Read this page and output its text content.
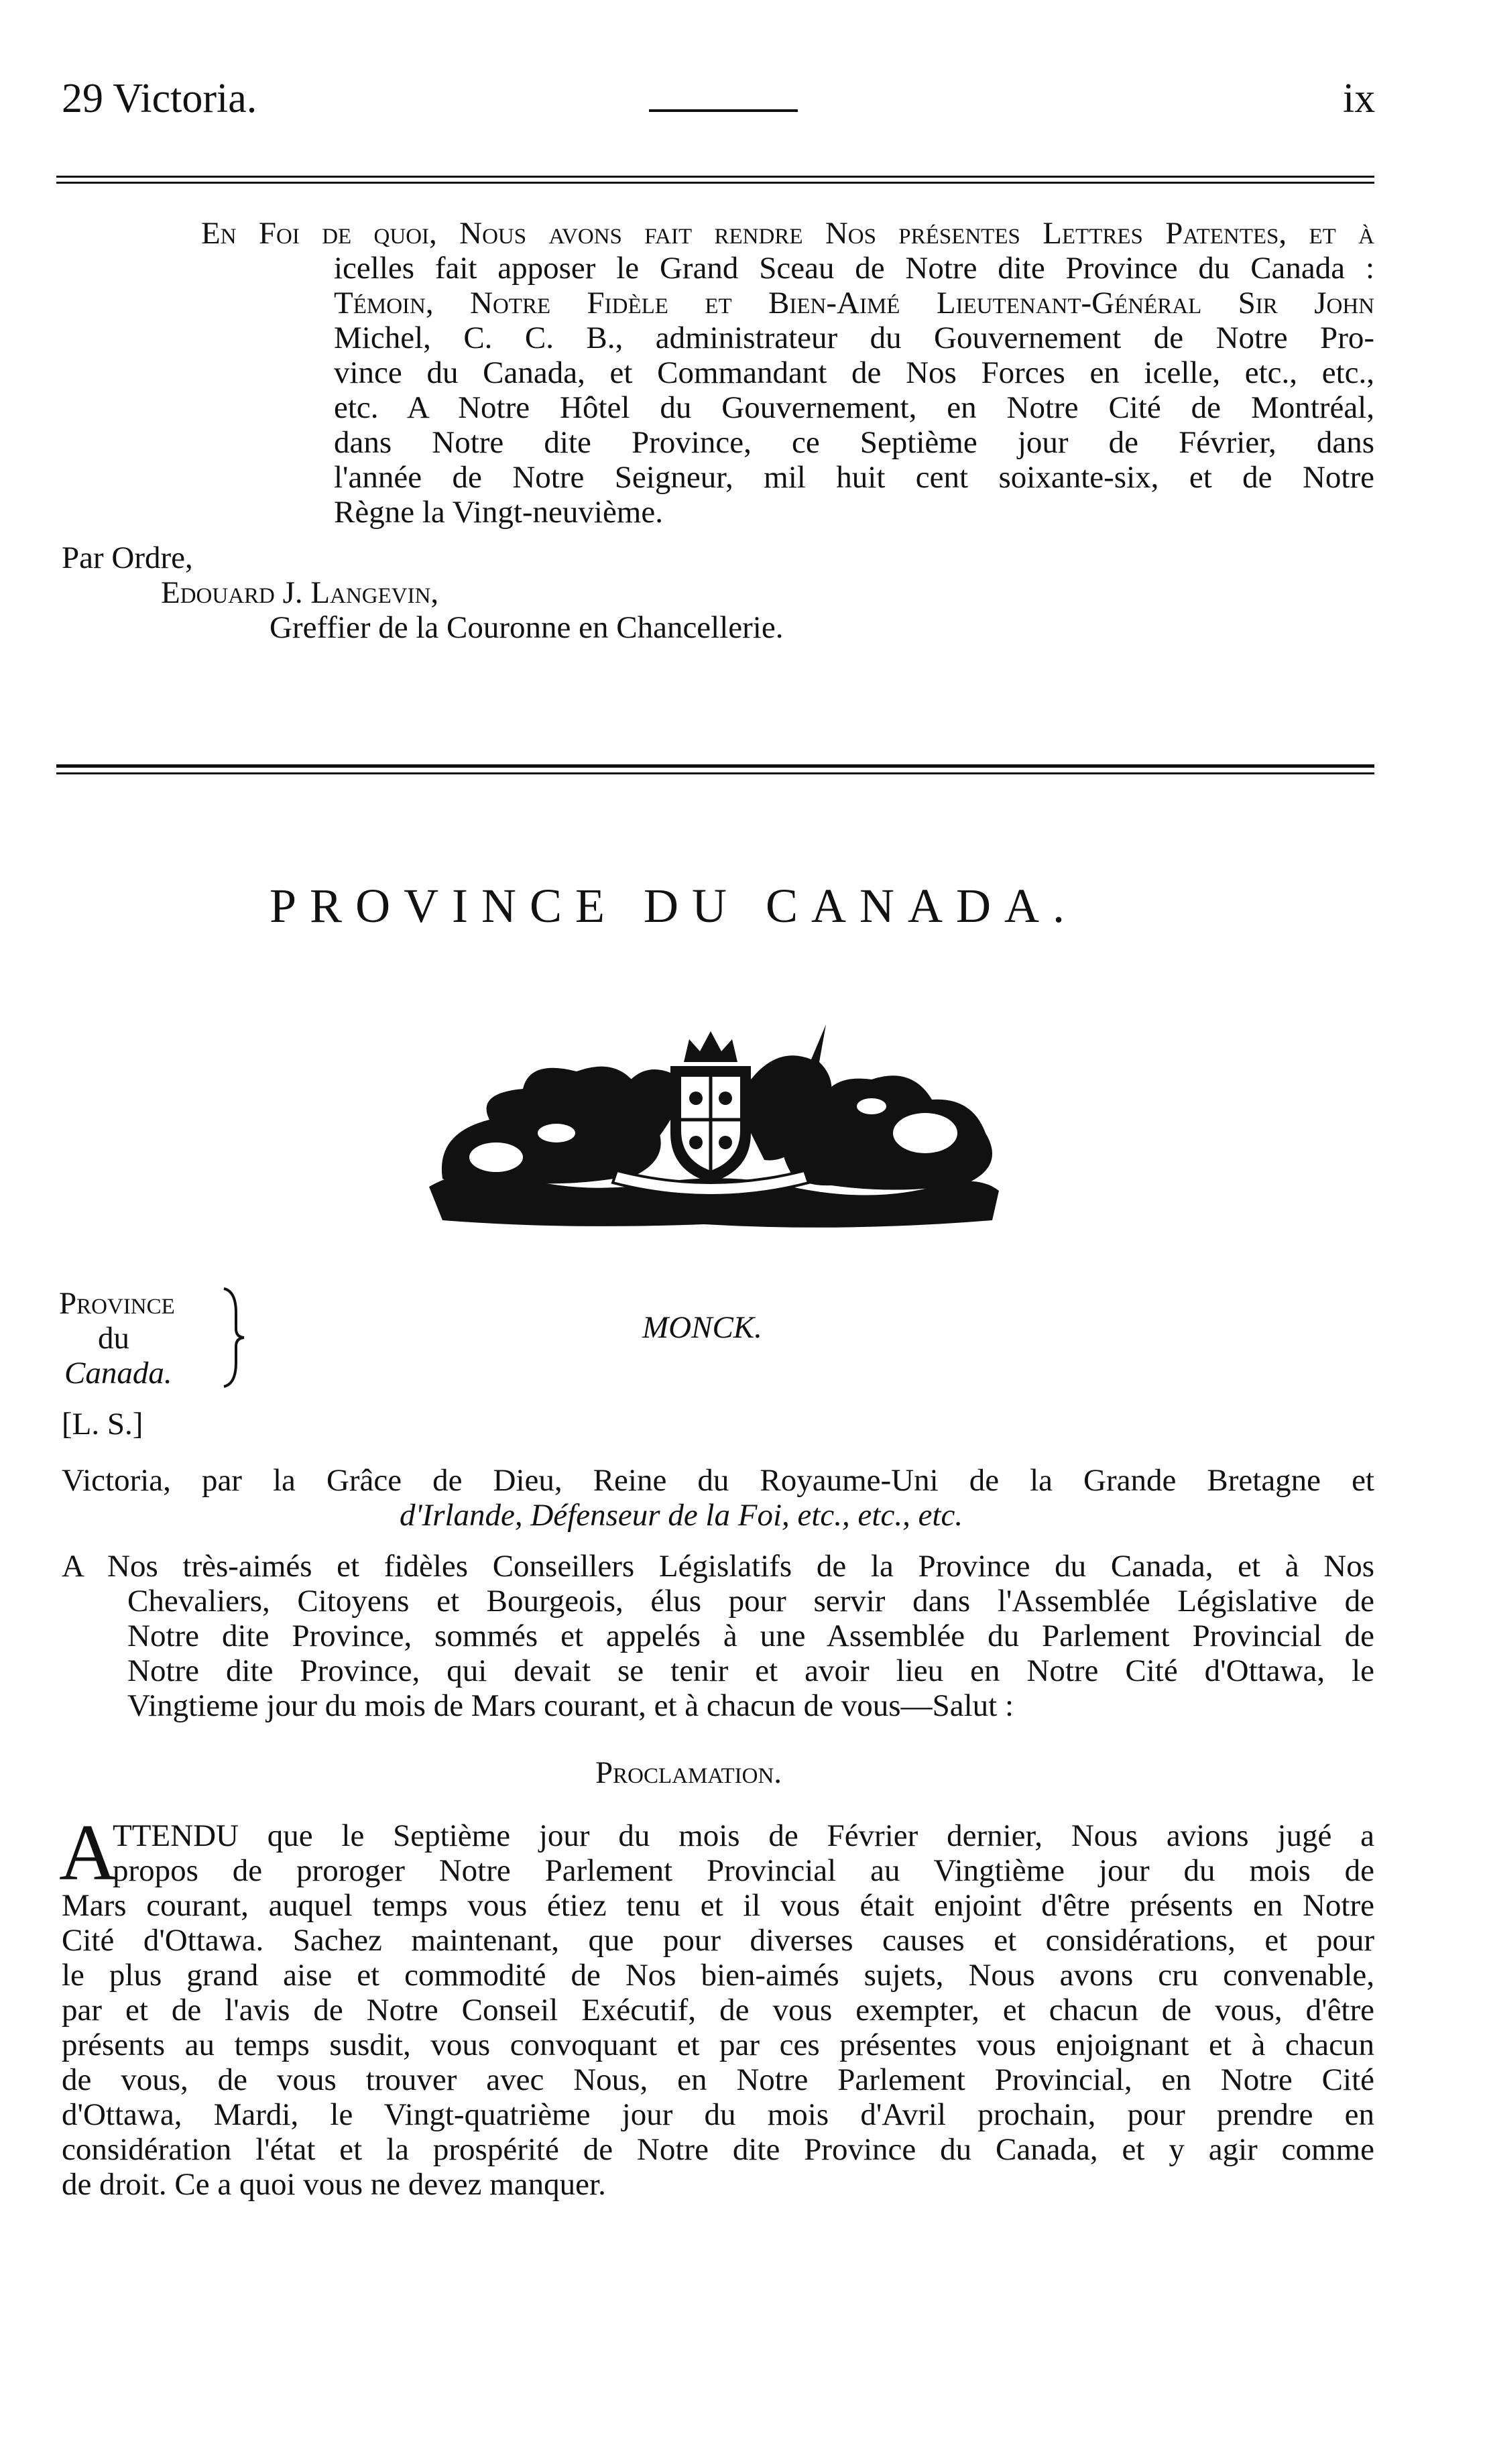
29 Victoria.	ix
En Foi de quoi, Nous avons fait rendre Nos présentes Lettres Patentes, et à
icelles fait apposer le Grand Sceau de Notre dite Province du Canada :
Témoin, Notre Fidèle et Bien-Aimé Lieutenant-Général Sir John
Michel, C. C. B., administrateur du Gouvernement de Notre Pro-
vince du Canada, et Commandant de Nos Forces en icelle, etc., etc.,
etc. A Notre Hôtel du Gouvernement, en Notre Cité de Montréal,
dans Notre dite Province, ce Septième jour de Février, dans
l'année de Notre Seigneur, mil huit cent soixante-six, et de Notre
Règne la Vingt-neuvième.
Par Ordre,
Edouard J. Langevin,
Greffier de la Couronne en Chancellerie.
PROVINCE DU CANADA.
Province
du
Canada.
[L. S.]
MONCK.
Victoria, par la Grâce de Dieu, Reine du Royaume-Uni de la Grande Bretagne et
d'Irlande, Défenseur de la Foi, etc., etc., etc.
A Nos très-aimés et fidèles Conseillers Législatifs de la Province du Canada, et à Nos
Chevaliers, Citoyens et Bourgeois, élus pour servir dans l'Assemblée Législative de
Notre dite Province, sommés et appelés à une Assemblée du Parlement Provincial de
Notre dite Province, qui devait se tenir et avoir lieu en Notre Cité d'Ottawa, le
Vingtieme jour du mois de Mars courant, et à chacun de vous—Salut :
Proclamation.
A
TTENDU que le Septième jour du mois de Février dernier, Nous avions jugé a
propos de proroger Notre Parlement Provincial au Vingtième jour du mois de
Mars courant, auquel temps vous étiez tenu et il vous était enjoint d'être présents en Notre
Cité d'Ottawa. Sachez maintenant, que pour diverses causes et considérations, et pour
le plus grand aise et commodité de Nos bien-aimés sujets, Nous avons cru convenable,
par et de l'avis de Notre Conseil Exécutif, de vous exempter, et chacun de vous, d'être
présents au temps susdit, vous convoquant et par ces présentes vous enjoignant et à chacun
de vous, de vous trouver avec Nous, en Notre Parlement Provincial, en Notre Cité
d'Ottawa, Mardi, le Vingt-quatrième jour du mois d'Avril prochain, pour prendre en
considération l'état et la prospérité de Notre dite Province du Canada, et y agir comme
de droit. Ce a quoi vous ne devez manquer.
